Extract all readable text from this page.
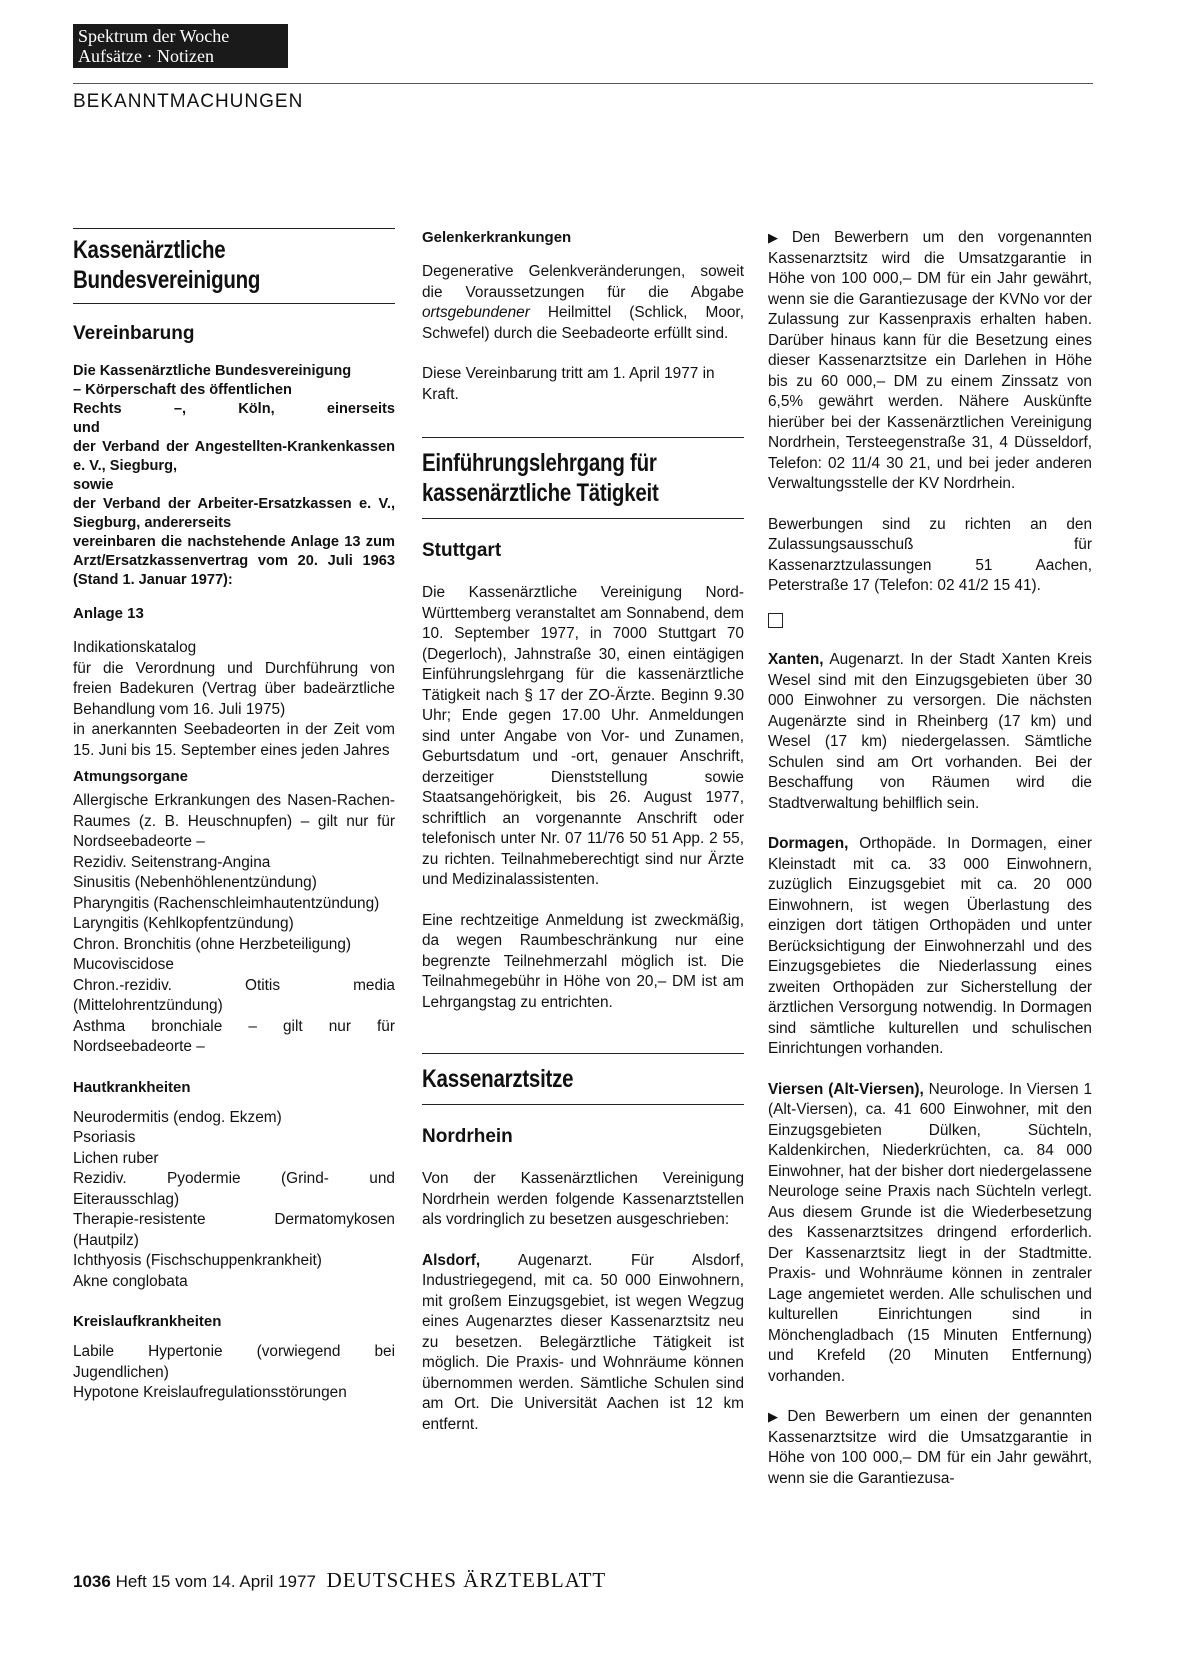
Spektrum der Woche
Aufsätze · Notizen
BEKANNTMACHUNGEN
Kassenärztliche
Bundesvereinigung
Vereinbarung

Die Kassenärztliche Bundesvereinigung

– Körperschaft des öffentlichen

Rechts –, Köln, einerseits

und

der Verband der Angestellten-Krankenkassen e. V., Siegburg,

sowie

der Verband der Arbeiter-Ersatzkassen e. V., Siegburg, andererseits

vereinbaren die nachstehende Anlage 13 zum Arzt/Ersatzkassenvertrag vom 20. Juli 1963 (Stand 1. Januar 1977):

Anlage 13

Indikationskatalog

für die Verordnung und Durchführung von freien Badekuren (Vertrag über badeärztliche Behandlung vom 16. Juli 1975)

in anerkannten Seebadeorten in der Zeit vom 15. Juni bis 15. September eines jeden Jahres

Atmungsorgane

Allergische Erkrankungen des Nasen-Rachen-Raumes (z. B. Heuschnupfen) – gilt nur für Nordseebadeorte –

Rezidiv. Seitenstrang-Angina

Sinusitis (Nebenhöhlenentzündung)

Pharyngitis (Rachenschleimhautentzündung)

Laryngitis (Kehlkopfentzündung)

Chron. Bronchitis (ohne Herzbeteiligung)

Mucoviscidose

Chron.-rezidiv. Otitis media (Mittelohrentzündung)

Asthma bronchiale – gilt nur für Nordseebadeorte –

Hautkrankheiten

Neurodermitis (endog. Ekzem)

Psoriasis

Lichen ruber

Rezidiv. Pyodermie (Grind- und Eiterausschlag)

Therapie-resistente Dermatomykosen (Hautpilz)

Ichthyosis (Fischschuppenkrankheit)

Akne conglobata

Kreislaufkrankheiten

Labile Hypertonie (vorwiegend bei Jugendlichen)

Hypotone Kreislaufregulationsstörungen

Gelenkerkrankungen

Degenerative Gelenkveränderungen, soweit die Voraussetzungen für die Abgabe ortsgebundener Heilmittel (Schlick, Moor, Schwefel) durch die Seebadeorte erfüllt sind.

Diese Vereinbarung tritt am 1. April 1977 in Kraft.

Einführungslehrgang für
kassenärztliche Tätigkeit
Stuttgart

Die Kassenärztliche Vereinigung Nord-Württemberg veranstaltet am Sonnabend, dem 10. September 1977, in 7000 Stuttgart 70 (Degerloch), Jahnstraße 30, einen eintägigen Einführungslehrgang für die kassenärztliche Tätigkeit nach § 17 der ZO-Ärzte. Beginn 9.30 Uhr; Ende gegen 17.00 Uhr. Anmeldungen sind unter Angabe von Vor- und Zunamen, Geburtsdatum und -ort, genauer Anschrift, derzeitiger Dienststellung sowie Staatsangehörigkeit, bis 26. August 1977, schriftlich an vorgenannte Anschrift oder telefonisch unter Nr. 07 11/76 50 51 App. 2 55, zu richten. Teilnahmeberechtigt sind nur Ärzte und Medizinalassistenten.

Eine rechtzeitige Anmeldung ist zweckmäßig, da wegen Raumbeschränkung nur eine begrenzte Teilnehmerzahl möglich ist. Die Teilnahmegebühr in Höhe von 20,– DM ist am Lehrgangstag zu entrichten.

Kassenarztsitze
Nordrhein

Von der Kassenärztlichen Vereinigung Nordrhein werden folgende Kassenarztstellen als vordringlich zu besetzen ausgeschrieben:

Alsdorf, Augenarzt. Für Alsdorf, Industriegegend, mit ca. 50 000 Einwohnern, mit großem Einzugsgebiet, ist wegen Wegzug eines Augenarztes dieser Kassenarztsitz neu zu besetzen. Belegärztliche Tätigkeit ist möglich. Die Praxis- und Wohnräume können übernommen werden. Sämtliche Schulen sind am Ort. Die Universität Aachen ist 12 km entfernt.

▶ Den Bewerbern um den vorgenannten Kassenarztsitz wird die Umsatzgarantie in Höhe von 100 000,– DM für ein Jahr gewährt, wenn sie die Garantiezusage der KVNo vor der Zulassung zur Kassenpraxis erhalten haben. Darüber hinaus kann für die Besetzung eines dieser Kassenarztsitze ein Darlehen in Höhe bis zu 60 000,– DM zu einem Zinssatz von 6,5% gewährt werden. Nähere Auskünfte hierüber bei der Kassenärztlichen Vereinigung Nordrhein, Tersteegenstraße 31, 4 Düsseldorf, Telefon: 02 11/4 30 21, und bei jeder anderen Verwaltungsstelle der KV Nordrhein.

Bewerbungen sind zu richten an den Zulassungsausschuß für Kassenarztzulassungen 51 Aachen, Peterstraße 17 (Telefon: 02 41/2 15 41).

Xanten, Augenarzt. In der Stadt Xanten Kreis Wesel sind mit den Einzugsgebieten über 30 000 Einwohner zu versorgen. Die nächsten Augenärzte sind in Rheinberg (17 km) und Wesel (17 km) niedergelassen. Sämtliche Schulen sind am Ort vorhanden. Bei der Beschaffung von Räumen wird die Stadtverwaltung behilflich sein.

Dormagen, Orthopäde. In Dormagen, einer Kleinstadt mit ca. 33 000 Einwohnern, zuzüglich Einzugsgebiet mit ca. 20 000 Einwohnern, ist wegen Überlastung des einzigen dort tätigen Orthopäden und unter Berücksichtigung der Einwohnerzahl und des Einzugsgebietes die Niederlassung eines zweiten Orthopäden zur Sicherstellung der ärztlichen Versorgung notwendig. In Dormagen sind sämtliche kulturellen und schulischen Einrichtungen vorhanden.

Viersen (Alt-Viersen), Neurologe. In Viersen 1 (Alt-Viersen), ca. 41 600 Einwohner, mit den Einzugsgebieten Dülken, Süchteln, Kaldenkirchen, Niederkrüchten, ca. 84 000 Einwohner, hat der bisher dort niedergelassene Neurologe seine Praxis nach Süchteln verlegt. Aus diesem Grunde ist die Wiederbesetzung des Kassenarztsitzes dringend erforderlich. Der Kassenarztsitz liegt in der Stadtmitte. Praxis- und Wohnräume können in zentraler Lage angemietet werden. Alle schulischen und kulturellen Einrichtungen sind in Mönchengladbach (15 Minuten Entfernung) und Krefeld (20 Minuten Entfernung) vorhanden.

▶ Den Bewerbern um einen der genannten Kassenarztsitze wird die Umsatzgarantie in Höhe von 100 000,– DM für ein Jahr gewährt, wenn sie die Garantiezusa-

1036 Heft 15 vom 14. April 1977 DEUTSCHES ÄRZTEBLATT
